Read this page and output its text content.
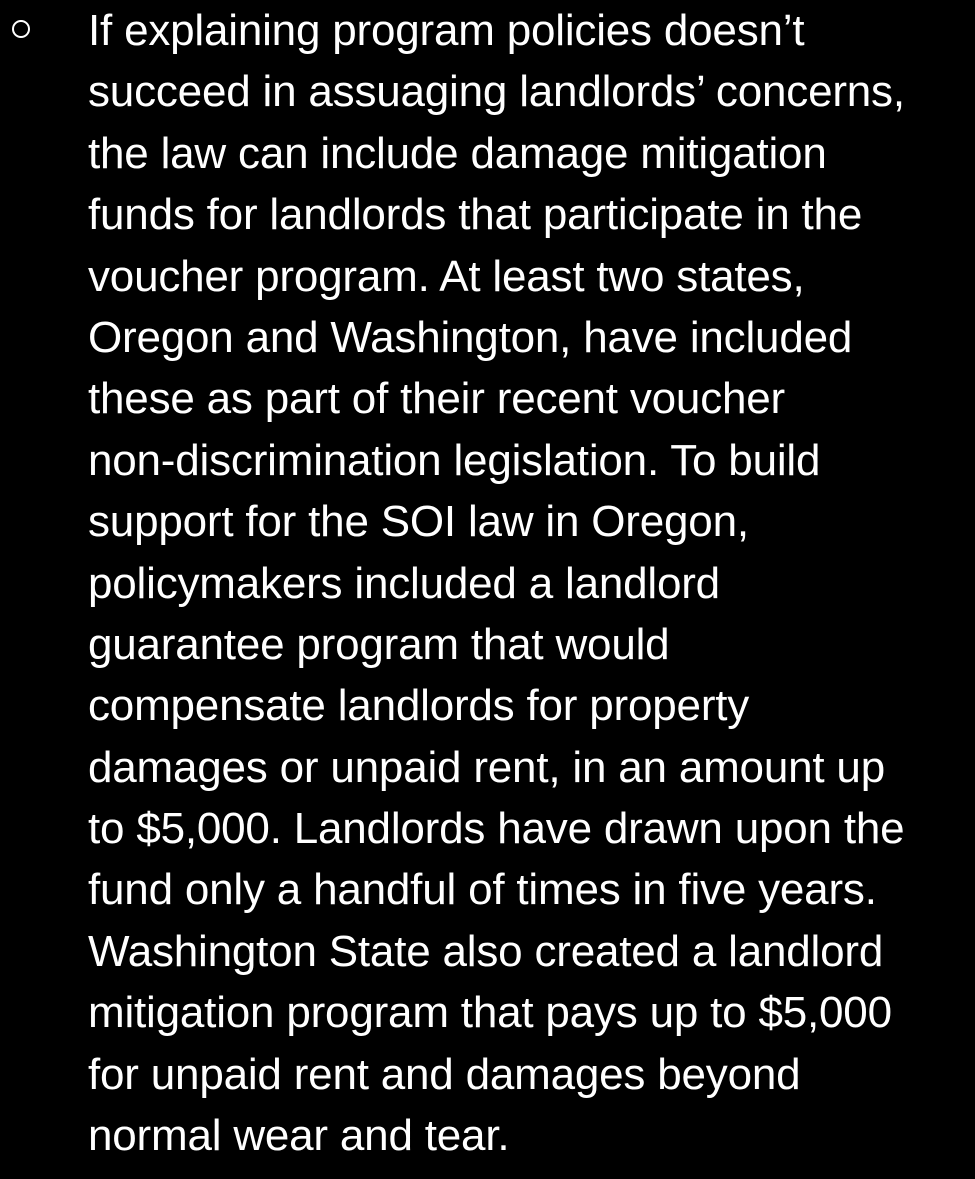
If explaining program policies doesn’t
succeed in assuaging landlords’ concerns,
the law can include damage mitigation
funds for landlords that participate in the
voucher program. At least two states,
Oregon and Washington, have included
these as part of their recent voucher
non-discrimination legislation. To build
support for the SOI law in Oregon,
policymakers included a landlord
guarantee program that would
compensate landlords for property
damages or unpaid rent, in an amount up
to $5,000. Landlords have drawn upon the
fund only a handful of times in five years.
Washington State also created a landlord
mitigation program that pays up to $5,000
for unpaid rent and damages beyond
normal wear and tear.
